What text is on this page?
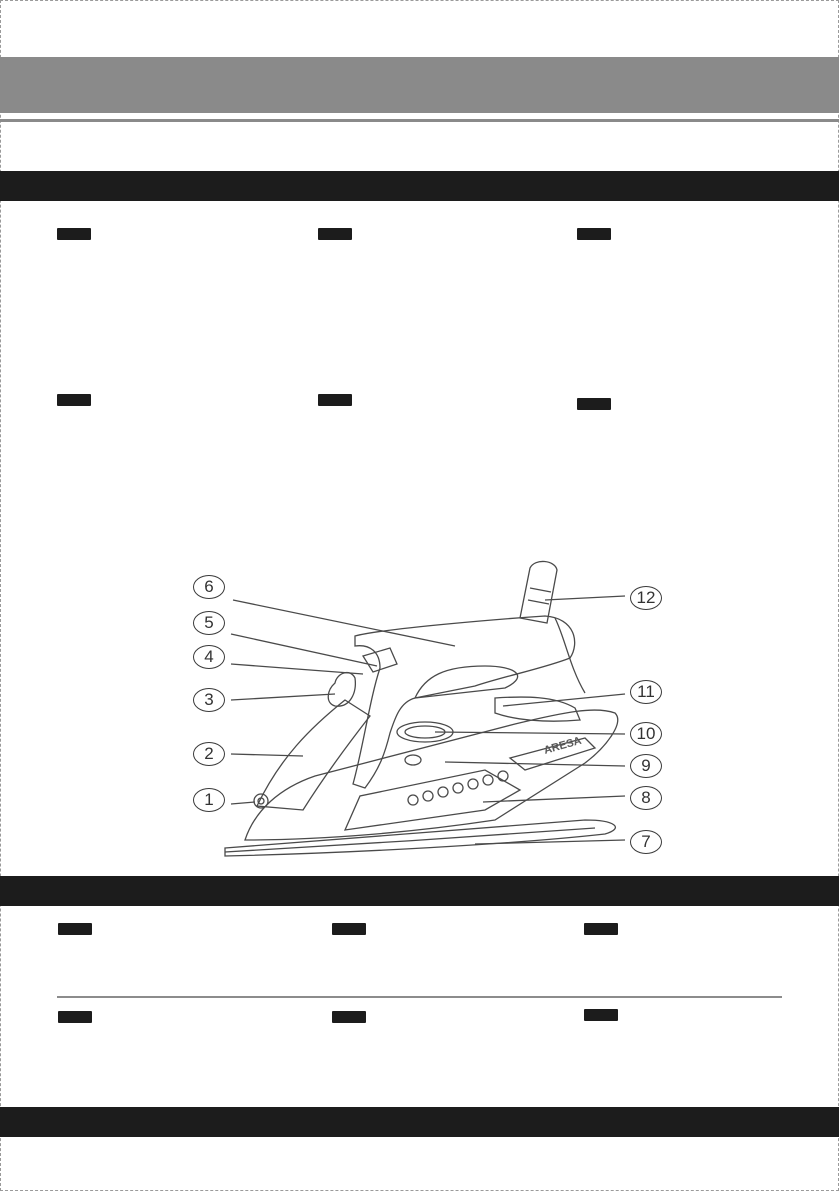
ARESA
1
2
3
4
5
6
7
8
9
10
11
12
